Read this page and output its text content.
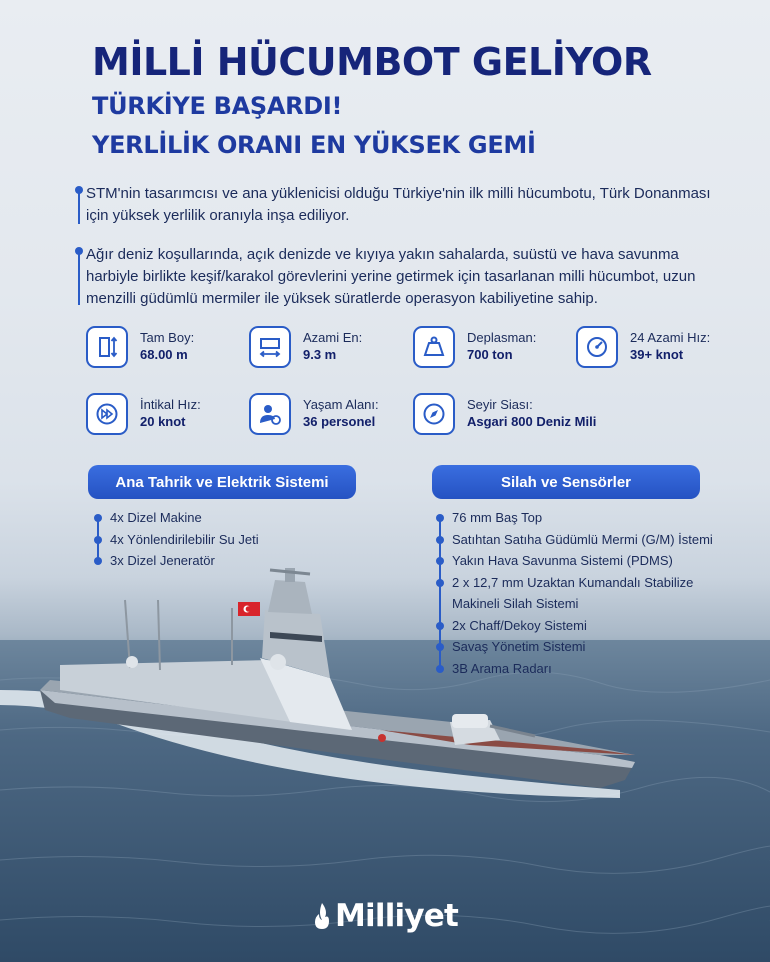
MİLLİ HÜCUMBOT GELİYOR
TÜRKİYE BAŞARDI!
YERLİLİK ORANI EN YÜKSEK GEMİ

STM'nin tasarımcısı ve ana yüklenicisi olduğu Türkiye'nin ilk milli hücumbotu, Türk Donanması için yüksek yerlilik oranıyla inşa ediliyor.

Ağır deniz koşullarında, açık denizde ve kıyıya yakın sahalarda, suüstü ve hava savunma harbiyle birlikte keşif/karakol görevlerini yerine getirmek için tasarlanan milli hücumbot, uzun menzilli güdümlü mermiler ile yüksek süratlerde operasyon kabiliyetine sahip.

Tam Boy:
68.00 m
Azami En:
9.3 m
Deplasman:
700 ton
24 Azami Hız:
39+ knot
İntikal Hız:
20 knot
Yaşam Alanı:
36 personel
Seyir Siası:
Asgari 800 Deniz Mili
Ana Tahrik ve Elektrik Sistemi	Silah ve Sensörler
4x Dizel Makine
4x Yönlendirilebilir Su Jeti
3x Dizel Jeneratör
76 mm Baş Top
Satıhtan Satıha Güdümlü Mermi (G/M) İstemi
Yakın Hava Savunma Sistemi (PDMS)
2 x 12,7 mm Uzaktan Kumandalı Stabilize
Makineli Silah Sistemi
2x Chaff/Dekoy Sistemi
Savaş Yönetim Sistemi
3B Arama Radarı
Milliyet
